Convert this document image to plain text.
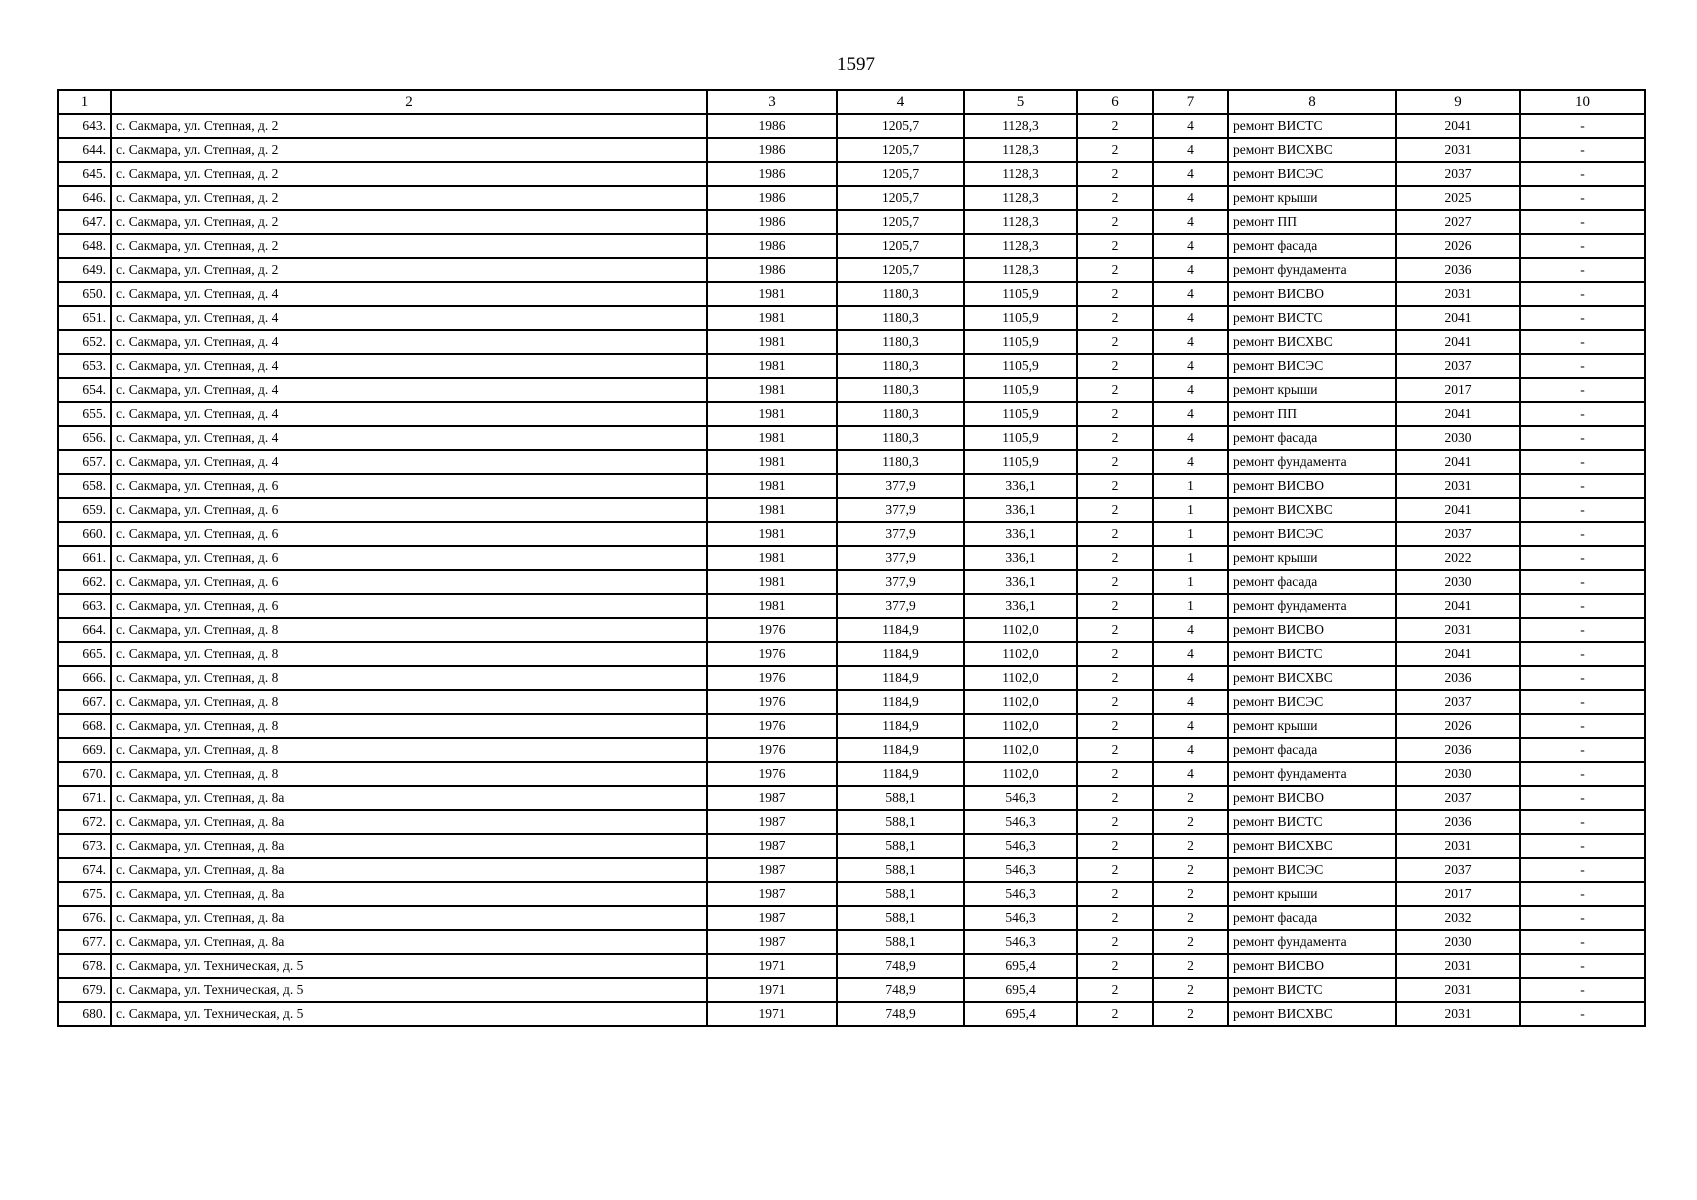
1597
1	2	3	4	5	6	7	8	9	10
643.	с. Сакмара, ул. Степная, д. 2	1986	1205,7	1128,3	2	4	ремонт ВИСТС	2041	-
644.	с. Сакмара, ул. Степная, д. 2	1986	1205,7	1128,3	2	4	ремонт ВИСХВС	2031	-
645.	с. Сакмара, ул. Степная, д. 2	1986	1205,7	1128,3	2	4	ремонт ВИСЭС	2037	-
646.	с. Сакмара, ул. Степная, д. 2	1986	1205,7	1128,3	2	4	ремонт крыши	2025	-
647.	с. Сакмара, ул. Степная, д. 2	1986	1205,7	1128,3	2	4	ремонт ПП	2027	-
648.	с. Сакмара, ул. Степная, д. 2	1986	1205,7	1128,3	2	4	ремонт фасада	2026	-
649.	с. Сакмара, ул. Степная, д. 2	1986	1205,7	1128,3	2	4	ремонт фундамента	2036	-
650.	с. Сакмара, ул. Степная, д. 4	1981	1180,3	1105,9	2	4	ремонт ВИСВО	2031	-
651.	с. Сакмара, ул. Степная, д. 4	1981	1180,3	1105,9	2	4	ремонт ВИСТС	2041	-
652.	с. Сакмара, ул. Степная, д. 4	1981	1180,3	1105,9	2	4	ремонт ВИСХВС	2041	-
653.	с. Сакмара, ул. Степная, д. 4	1981	1180,3	1105,9	2	4	ремонт ВИСЭС	2037	-
654.	с. Сакмара, ул. Степная, д. 4	1981	1180,3	1105,9	2	4	ремонт крыши	2017	-
655.	с. Сакмара, ул. Степная, д. 4	1981	1180,3	1105,9	2	4	ремонт ПП	2041	-
656.	с. Сакмара, ул. Степная, д. 4	1981	1180,3	1105,9	2	4	ремонт фасада	2030	-
657.	с. Сакмара, ул. Степная, д. 4	1981	1180,3	1105,9	2	4	ремонт фундамента	2041	-
658.	с. Сакмара, ул. Степная, д. 6	1981	377,9	336,1	2	1	ремонт ВИСВО	2031	-
659.	с. Сакмара, ул. Степная, д. 6	1981	377,9	336,1	2	1	ремонт ВИСХВС	2041	-
660.	с. Сакмара, ул. Степная, д. 6	1981	377,9	336,1	2	1	ремонт ВИСЭС	2037	-
661.	с. Сакмара, ул. Степная, д. 6	1981	377,9	336,1	2	1	ремонт крыши	2022	-
662.	с. Сакмара, ул. Степная, д. 6	1981	377,9	336,1	2	1	ремонт фасада	2030	-
663.	с. Сакмара, ул. Степная, д. 6	1981	377,9	336,1	2	1	ремонт фундамента	2041	-
664.	с. Сакмара, ул. Степная, д. 8	1976	1184,9	1102,0	2	4	ремонт ВИСВО	2031	-
665.	с. Сакмара, ул. Степная, д. 8	1976	1184,9	1102,0	2	4	ремонт ВИСТС	2041	-
666.	с. Сакмара, ул. Степная, д. 8	1976	1184,9	1102,0	2	4	ремонт ВИСХВС	2036	-
667.	с. Сакмара, ул. Степная, д. 8	1976	1184,9	1102,0	2	4	ремонт ВИСЭС	2037	-
668.	с. Сакмара, ул. Степная, д. 8	1976	1184,9	1102,0	2	4	ремонт крыши	2026	-
669.	с. Сакмара, ул. Степная, д. 8	1976	1184,9	1102,0	2	4	ремонт фасада	2036	-
670.	с. Сакмара, ул. Степная, д. 8	1976	1184,9	1102,0	2	4	ремонт фундамента	2030	-
671.	с. Сакмара, ул. Степная, д. 8а	1987	588,1	546,3	2	2	ремонт ВИСВО	2037	-
672.	с. Сакмара, ул. Степная, д. 8а	1987	588,1	546,3	2	2	ремонт ВИСТС	2036	-
673.	с. Сакмара, ул. Степная, д. 8а	1987	588,1	546,3	2	2	ремонт ВИСХВС	2031	-
674.	с. Сакмара, ул. Степная, д. 8а	1987	588,1	546,3	2	2	ремонт ВИСЭС	2037	-
675.	с. Сакмара, ул. Степная, д. 8а	1987	588,1	546,3	2	2	ремонт крыши	2017	-
676.	с. Сакмара, ул. Степная, д. 8а	1987	588,1	546,3	2	2	ремонт фасада	2032	-
677.	с. Сакмара, ул. Степная, д. 8а	1987	588,1	546,3	2	2	ремонт фундамента	2030	-
678.	с. Сакмара, ул. Техническая, д. 5	1971	748,9	695,4	2	2	ремонт ВИСВО	2031	-
679.	с. Сакмара, ул. Техническая, д. 5	1971	748,9	695,4	2	2	ремонт ВИСТС	2031	-
680.	с. Сакмара, ул. Техническая, д. 5	1971	748,9	695,4	2	2	ремонт ВИСХВС	2031	-
